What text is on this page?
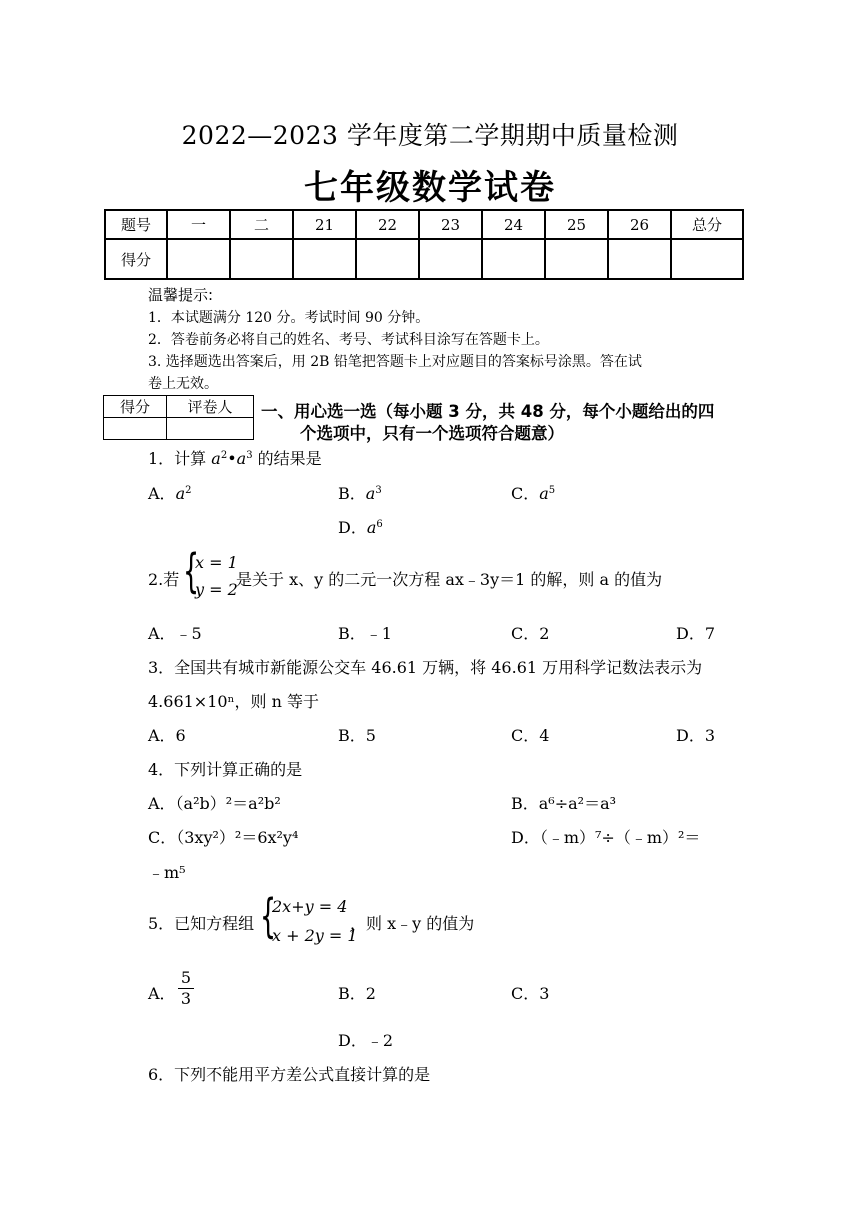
2022—2023 学年度第二学期期中质量检测
七年级数学试卷
题号	一	二	21	22	23	24	25	26	总分
得分									
温馨提示:
1．本试题满分 120 分。考试时间 90 分钟。
2．答卷前务必将自己的姓名、考号、考试科目涂写在答题卡上。
3. 选择题选出答案后，用 2B 铅笔把答题卡上对应题目的答案标号涂黑。答在试
卷上无效。
得分	评卷人
	一、用心选一选（每小题 3 分，共 48 分，每个小题给出的四
个选项中，只有一个选项符合题意）
1．计算 $a^2•a^3$ 的结果是
A．$a^2$	B．$a^3$	C．$a^5$
D．$a^6$
2.若 {
x = 1
y = 2
是关于 x、y 的二元一次方程 ax﹣3y＝1 的解，则 a 的值为
A．﹣5	B．﹣1	C．2	D．7
3．全国共有城市新能源公交车 46.61 万辆，将 46.61 万用科学记数法表示为
4.661×10ⁿ，则 n 等于
A．6	B．5	C．4	D．3
4．下列计算正确的是
A．（a²b）²＝a²b²	B．a⁶÷a²＝a³
C．（3xy²）²＝6x²y⁴	D．（﹣m）⁷÷（﹣m）²＝
﹣m⁵
5．已知方程组 {
2x+y = 4
x + 2y = 1
，则 x﹣y 的值为
A． $\frac{5}{3}$	B．2	C．3
D．﹣2
6．下列不能用平方差公式直接计算的是
